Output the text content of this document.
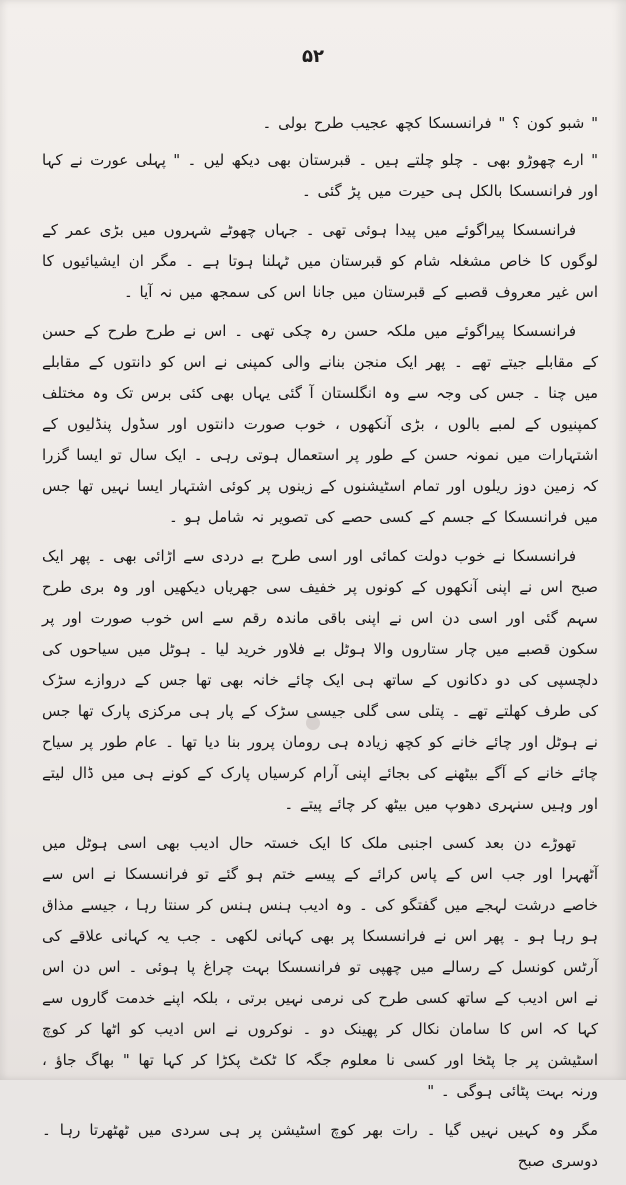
۵۲

" شبو کون ؟ " فرانسسکا کچھ عجیب طرح بولی ۔

" ارے چھوڑو بھی ۔ چلو چلتے ہیں ۔ قبرستان بھی دیکھ لیں ۔ " پہلی عورت نے کہا اور فرانسسکا بالکل ہی حیرت میں پڑ گئی ۔

فرانسسکا پیراگوئے میں پیدا ہوئی تھی ۔ جہاں چھوٹے شہروں میں بڑی عمر کے لوگوں کا خاص مشغلہ شام کو قبرستان میں ٹہلنا ہوتا ہے ۔ مگر ان ایشیائیوں کا اس غیر معروف قصبے کے قبرستان میں جانا اس کی سمجھ میں نہ آیا ۔

فرانسسکا پیراگوئے میں ملکہ حسن رہ چکی تھی ۔ اس نے طرح طرح کے حسن کے مقابلے جیتے تھے ۔ پھر ایک منجن بنانے والی کمپنی نے اس کو دانتوں کے مقابلے میں چنا ۔ جس کی وجہ سے وہ انگلستان آ گئی یہاں بھی کئی برس تک وہ مختلف کمپنیوں کے لمبے بالوں ، بڑی آنکھوں ، خوب صورت دانتوں اور سڈول پنڈلیوں کے اشتہارات میں نمونہ حسن کے طور پر استعمال ہوتی رہی ۔ ایک سال تو ایسا گزرا کہ زمین دوز ریلوں اور تمام اسٹیشنوں کے زینوں پر کوئی اشتہار ایسا نہیں تھا جس میں فرانسسکا کے جسم کے کسی حصے کی تصویر نہ شامل ہو ۔

فرانسسکا نے خوب دولت کمائی اور اسی طرح بے دردی سے اڑائی بھی ۔ پھر ایک صبح اس نے اپنی آنکھوں کے کونوں پر خفیف سی جھریاں دیکھیں اور وہ بری طرح سہم گئی اور اسی دن اس نے اپنی باقی ماندہ رقم سے اس خوب صورت اور پر سکون قصبے میں چار ستاروں والا ہوٹل بے فلاور خرید لیا ۔ ہوٹل میں سیاحوں کی دلچسپی کی دو دکانوں کے ساتھ ہی ایک چائے خانہ بھی تھا جس کے دروازے سڑک کی طرف کھلتے تھے ۔ پتلی سی گلی جیسی سڑک کے پار ہی مرکزی پارک تھا جس نے ہوٹل اور چائے خانے کو کچھ زیادہ ہی رومان پرور بنا دیا تھا ۔ عام طور پر سیاح چائے خانے کے آگے بیٹھنے کی بجائے اپنی آرام کرسیاں پارک کے کونے ہی میں ڈال لیتے اور وہیں سنہری دھوپ میں بیٹھ کر چائے پیتے ۔

تھوڑے دن بعد کسی اجنبی ملک کا ایک خستہ حال ادیب بھی اسی ہوٹل میں آٹھہرا اور جب اس کے پاس کرائے کے پیسے ختم ہو گئے تو فرانسسکا نے اس سے خاصے درشت لہجے میں گفتگو کی ۔ وہ ادیب ہنس ہنس کر سنتا رہا ، جیسے مذاق ہو رہا ہو ۔ پھر اس نے فرانسسکا پر بھی کہانی لکھی ۔ جب یہ کہانی علاقے کی آرٹس کونسل کے رسالے میں چھپی تو فرانسسکا بہت چراغ پا ہوئی ۔ اس دن اس نے اس ادیب کے ساتھ کسی طرح کی نرمی نہیں برتی ، بلکہ اپنے خدمت گاروں سے کہا کہ اس کا سامان نکال کر پھینک دو ۔ نوکروں نے اس ادیب کو اٹھا کر کوچ اسٹیشن پر جا پٹخا اور کسی نا معلوم جگہ کا ٹکٹ پکڑا کر کہا تھا " بھاگ جاؤ ، ورنہ بہت پٹائی ہوگی ۔ "

مگر وہ کہیں نہیں گیا ۔ رات بھر کوچ اسٹیشن پر ہی سردی میں ٹھٹھرتا رہا ۔ دوسری صبح
